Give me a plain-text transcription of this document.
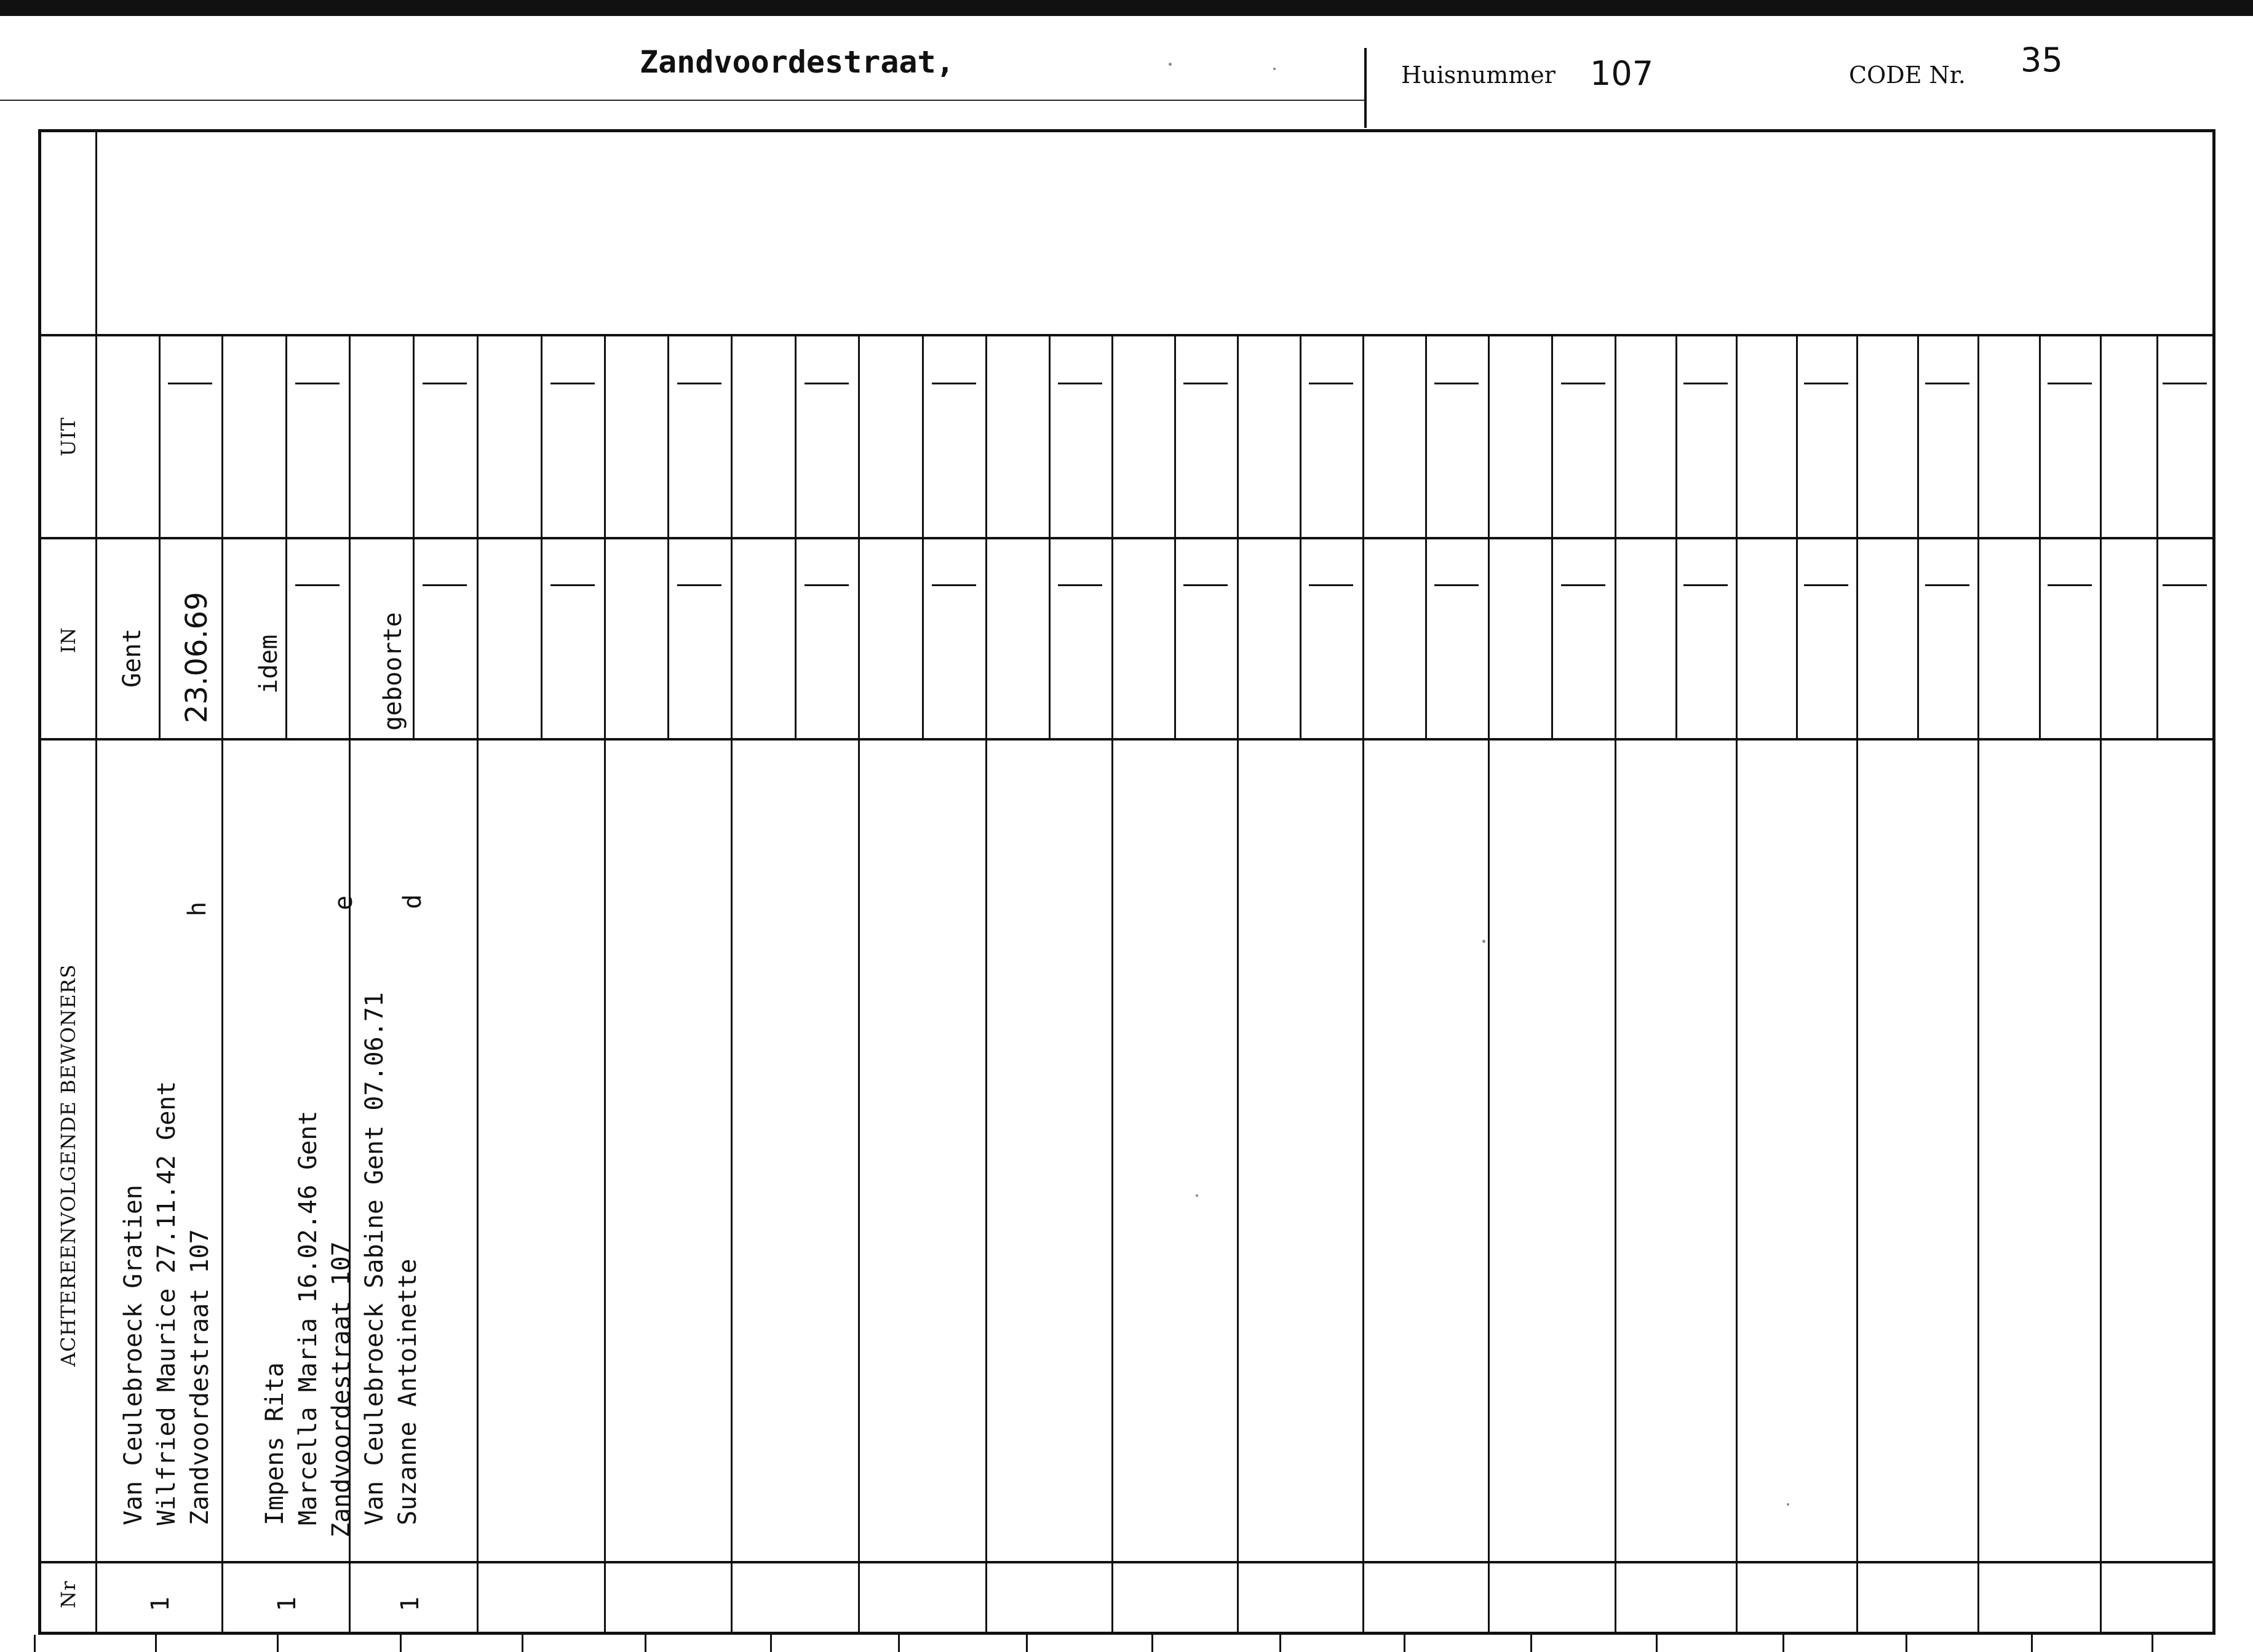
Zandvoordestraat,	Huisnummer 107	CODE Nr. 35
Nr
ACHTEREENVOLGENDE BEWONERS
IN
UIT
1
Van Ceulebroeck Gratien Wilfried Maurice 27.11.42 Gent Zandvoordestraat 107
h
Gent 23.06.69
1
Impens Rita Marcella Maria 16.02.46 Gent Zandvoordestraat 107
e
idem
1
Van Ceulebroeck Sabine Gent 07.06.71 Suzanne Antoinette
d
geboorte
